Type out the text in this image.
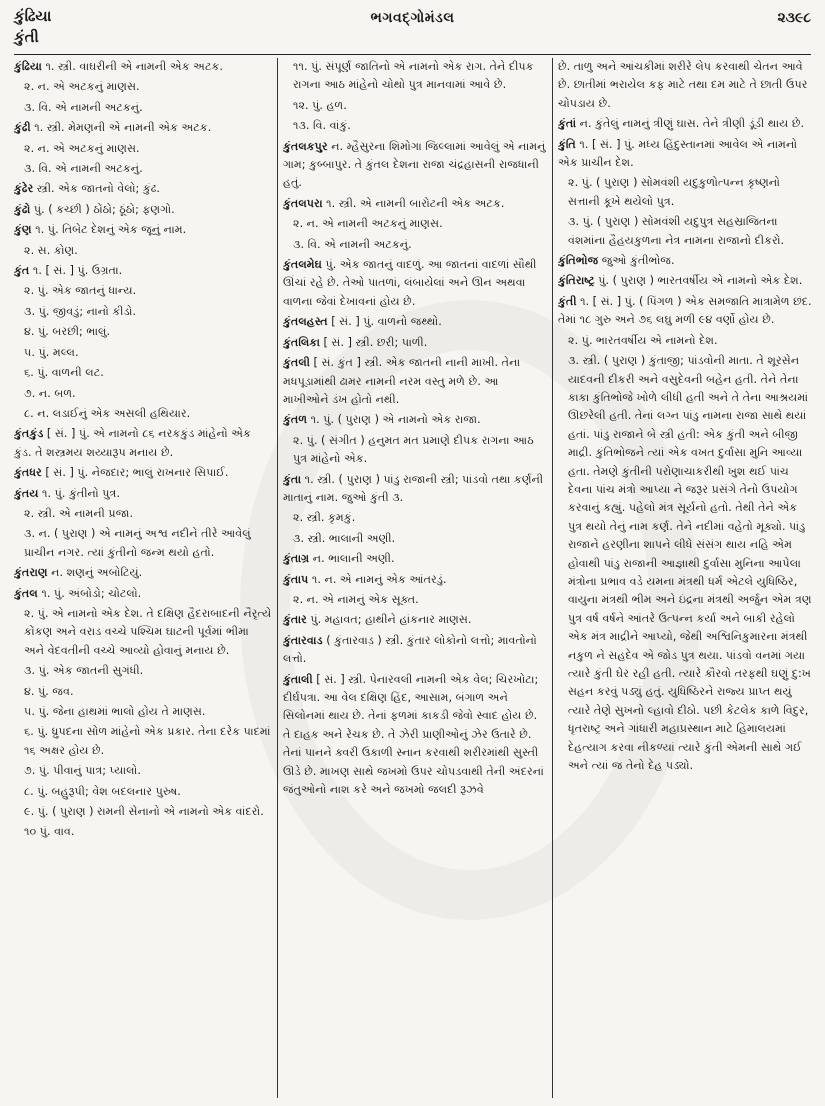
કુંઢિયા
કુંતી
ભગવદ્ગોમંડલ	૨૩૯૮
કુંઢિયા ૧. સ્ત્રી. વાઘરીની એ નામની એક અટક.
૨. ન. એ અટકનું માણસ.
૩. વિ. એ નામની અટકનું.
કુંઢી ૧. સ્ત્રી. મેમણની એ નામની એક અટક.
૨. ન. એ અટકનું માણસ.
૩. વિ. એ નામની અટકનું.
કુંઢેર સ્ત્રી. એક જાતનો વેલો; કુંઢ.
કુંઢો પું. ( કચ્છી ) ઠોંઠો; ઠૂંઠો; ફણગો.
કુંણ ૧. પું. તિબેટ દેશનું એક જૂનું નામ.
૨. સ. કોણ.
કુંત ૧. [ સં. ] પું. ઉગ્રતા.
૨. પું. એક જાતનું ધાન્ય.
૩. પું. જીવડું; નાનો કીડો.
૪. પું. બરછી; ભાલું.
૫. પું. મલ્લ.
૬. પું. વાળની લટ.
૭. ન. બળ.
૮. ન. લડાઈનું એક અસલી હથિયાર.
કુંતકુંડ [ સં. ] પું. એ નામનો ૮૬ નરકકુંડ માંહેનો એક કુંડ. તે શસ્ત્રમય શય્યારૂપ મનાય છે.
કુંતધર [ સં. ] પું. નેજદાર; ભાલું રાખનાર સિપાઈ.
કુંતય ૧. પું. કુંતીનો પુત્ર.
૨. સ્ત્રી. એ નામની પ્રજા.
૩. ન. ( પુરાણ ) એ નામનું અશ્વ નદીને તીરે આવેલું પ્રાચીન નગર. ત્યાં કુંતીનો જન્મ થયો હતો.
કુંતરાણ ન. શણનું અબોટિયું.
કુંતલ ૧. પું. અંબોડો; ચોટલો.
૨. પું. એ નામનો એક દેશ. તે દક્ષિણ હૈદરાબાદની નૈરૃત્યે કોંકણ અને વરાડ વચ્ચે પશ્ચિમ ઘાટની પૂર્વમાં ભીમા અને વેદવતીની વચ્ચે આવ્યો હોવાનું મનાય છે.
૩. પું. એક જાતની સુગંધી.
૪. પું. જવ.
૫. પું. જેના હાથમાં ભાલો હોય તે માણસ.
૬. પું. ધ્રુપદના સોળ માંહેનો એક પ્રકાર. તેના દરેક પાદમાં ૧૬ અક્ષર હોય છે.
૭. પું. પીવાનું પાત્ર; પ્યાલો.
૮. પું. બહુરૂપી; વેશ બદલનાર પુરુષ.
૯. પું. ( પુરાણ ) રામની સેનાનો એ નામનો એક વાંદરો.
૧૦ પું. વાવ.
૧૧. પું. સંપૂર્ણ જાતિનો એ નામનો એક રાગ. તેને દીપક રાગના આઠ માંહેનો ચોથો પુત્ર માનવામાં આવે છે.
૧૨. પું. હળ.
૧૩. વિ. વાંકું.
કુંતલકપુર ન. મ્હૈસુરના શિમોગા જિલ્લામાં આવેલું એ નામનું ગામ; કુબ્બાપુર. તે કુંતલ દેશના રાજા ચંદ્રહાસની રાજધાની હતું.
કુંતલપરા ૧. સ્ત્રી. એ નામની બારોટની એક અટક.
૨. ન. એ નામની અટકનું માણસ.
૩. વિ. એ નામની અટકનું.
કુંતલમેઘ પું. એક જાતનું વાદળું. આ જાતનાં વાદળાં સૌથી ઊંચાં રહે છે. તેઓ પાતળાં, લંબાયેલાં અને ઊન અથવા વાળના જેવાં દેખાવનાં હોય છે.
કુંતલહસ્ત [ સં. ] પું. વાળનો જથ્થો.
કુંતલિકા [ સં. ] સ્ત્રી. છરી; પાળી.
કુંતલી [ સં. કુંત ] સ્ત્રી. એક જાતની નાની માખી. તેના મધપૂડામાંથી ઢામર નામની નરમ વસ્તુ મળે છે. આ માખીઓને ડંખ હોતો નથી.
કુંતળ ૧. પું. ( પુરાણ ) એ નામનો એક રાજા.
૨. પું. ( સંગીત ) હનુમત મત પ્રમાણે દીપક રાગના આઠ પુત્ર માંહેનો એક.
કુંતા ૧. સ્ત્રી. ( પુરાણ ) પાંડુ રાજાની સ્ત્રી; પાંડવો તથા કર્ણની માતાનું નામ. જુઓ કુંતી ૩.
૨. સ્ત્રી. કૃમકું.
૩. સ્ત્રી. ભાલાની અણી.
કુંતાગ્ર ન. ભાલાની અણી.
કુંતાપ ૧. ન. એ નામનું એક આંતરડું.
૨. ન. એ નામનું એક સૂક્ત.
કુંતાર પું. મહાવત; હાથીને હાંકનાર માણસ.
કુંતારવાડ ( કુંતારવાડ઼ ) સ્ત્રી. કુંતાર લોકોનો લત્તો; માવતોનો લત્તો.
કુંતાલી [ સં. ] સ્ત્રી. પેનારવલી નામની એક વેલ; ચિરખોટા; દીર્ઘપત્રા. આ વેલ દક્ષિણ હિંદ, આસામ, બંગાળ અને સિલોનમાં થાય છે. તેનાં ફળમાં કાકડી જેવો સ્વાદ હોય છે. તે દાહક અને રેચક છે. તે ઝેરી પ્રાણીઓનું ઝેર ઉતારે છે. તેનાં પાનને ક્વરી ઉકાળી સ્નાન કરવાથી શરીરમાંથી સુસ્તી ઊડે છે. માખણ સાથે જખમો ઉપર ચોપડવાથી તેની અંદરનાં જંતુઓનો નાશ કરે અને જખમો જલદી રૂઝવે
છે. તાળુ અને આંચકીમાં શરીરે લેપ કરવાથી ચેતન આવે છે. છાતીમાં ભરાયેલ કફ માટે તથા દમ માટે તે છાતી ઉપર ચોપડાય છે.
કુંતાં ન. કુંતેલું નામનું ત્રીણું ઘાસ. તેને ત્રીણી ડૂંડી થાય છે.
કુંતિ ૧. [ સં. ] પું. મધ્ય હિંદુસ્તાનમાં આવેલ એ નામનો એક પ્રાચીન દેશ.
૨. પું. ( પુરાણ ) સોમવંશી યદુકુળોત્પન્ન કૃષ્ણનો સત્તાની કૂખે થયેલો પુત્ર.
૩. પું. ( પુરાણ ) સોમવંશી યદુપુત્ર સહસ્રાજિતના વંશમાંના હૈહયકુળના નેત્ર નામના રાજાનો દીકરો.
કુંતિભોજ જુઓ કુંતીભોજ.
કુંતિરાષ્ટ્ર પું. ( પુરાણ ) ભારતવર્ષીય એ નામનો એક દેશ.
કુંતી ૧. [ સં. ] પું. ( પિંગળ ) એક સમજાતિ માત્રામેળ છંદ. તેમાં ૧૮ ગુરુ અને ૭૬ લઘુ મળી ૯૪ વર્ણો હોય છે.
૨. પું. ભારતવર્ષીય એ નામનો દેશ.
૩. સ્ત્રી. ( પુરાણ ) કુંતાજી; પાંડવોની માતા. તે શૂરસેન યાદવની દીકરી અને વસુદેવની બહેન હતી. તેને તેના કાકા કુંતિભોજે ખોળે લીધી હતી અને તે તેના આશ્રયમાં ઊછરેલી હતી. તેનાં લગ્ન પાંડુ નામના રાજા સાથે થયાં હતાં. પાંડુ રાજાને બે સ્ત્રી હતી: એક કુંતી અને બીજી માદ્રી. કુંતિભોજને ત્યાં એક વખત દુર્વાસા મુનિ આવ્યા હતા. તેમણે કુંતીની પરોણાચાકરીથી ખુશ થઈ પાંચ દેવના પાંચ મંત્રો આપ્યા ને જરૂર પ્રસંગે તેનો ઉપયોગ કરવાનું કહ્યું. પહેલો મંત્ર સૂર્યનો હતો. તેથી તેને એક પુત્ર થયો તેનું નામ કર્ણ. તેને નદીમાં વહેતો મૂક્યો. પાંડુ રાજાને હરણીના શાપને લીધે સંસંગ થાય નહિ એમ હોવાથી પાંડુ રાજાની આજ્ઞાથી દુર્વાસા મુનિના આપેલા મંત્રોના પ્રભાવ વડે યમના મંત્રથી ધર્મ એટલે યુધિષ્ઠિર, વાયુના મંત્રથી ભીમ અને ઇંદ્રના મંત્રથી અર્જુન એમ ત્રણ પુત્ર વર્ષ વર્ષને આંતરે ઉત્પન્ન કર્યા અને બાકી રહેલો એક મંત્ર માદ્રીને આપ્યો, જેથી અશ્વિનિકુમારના મંત્રથી નકુળ ને સહદેવ એ જોડ પુત્ર થયા. પાંડવો વનમાં ગયા ત્યારે કુંતી ઘેર રહી હતી. ત્યારે કૌરવો તરફથી ઘણું દુ:ખ સહન કરવું પડ્યું હતું. યુધિષ્ઠિરને રાજ્ય પ્રાપ્ત થયું ત્યારે તેણે સુખનો લ્હાવો દીઠો. પછી કેટલેક કાળે વિદુર, ધૃતરાષ્ટ્ર અને ગાંધારી મહાપ્રસ્થાન માટે હિમાલયમાં દેહત્યાગ કરવા નીકળ્યાં ત્યારે કુંતી એમની સાથે ગઈ અને ત્યાં જ તેનો દેહ પડ્યો.
